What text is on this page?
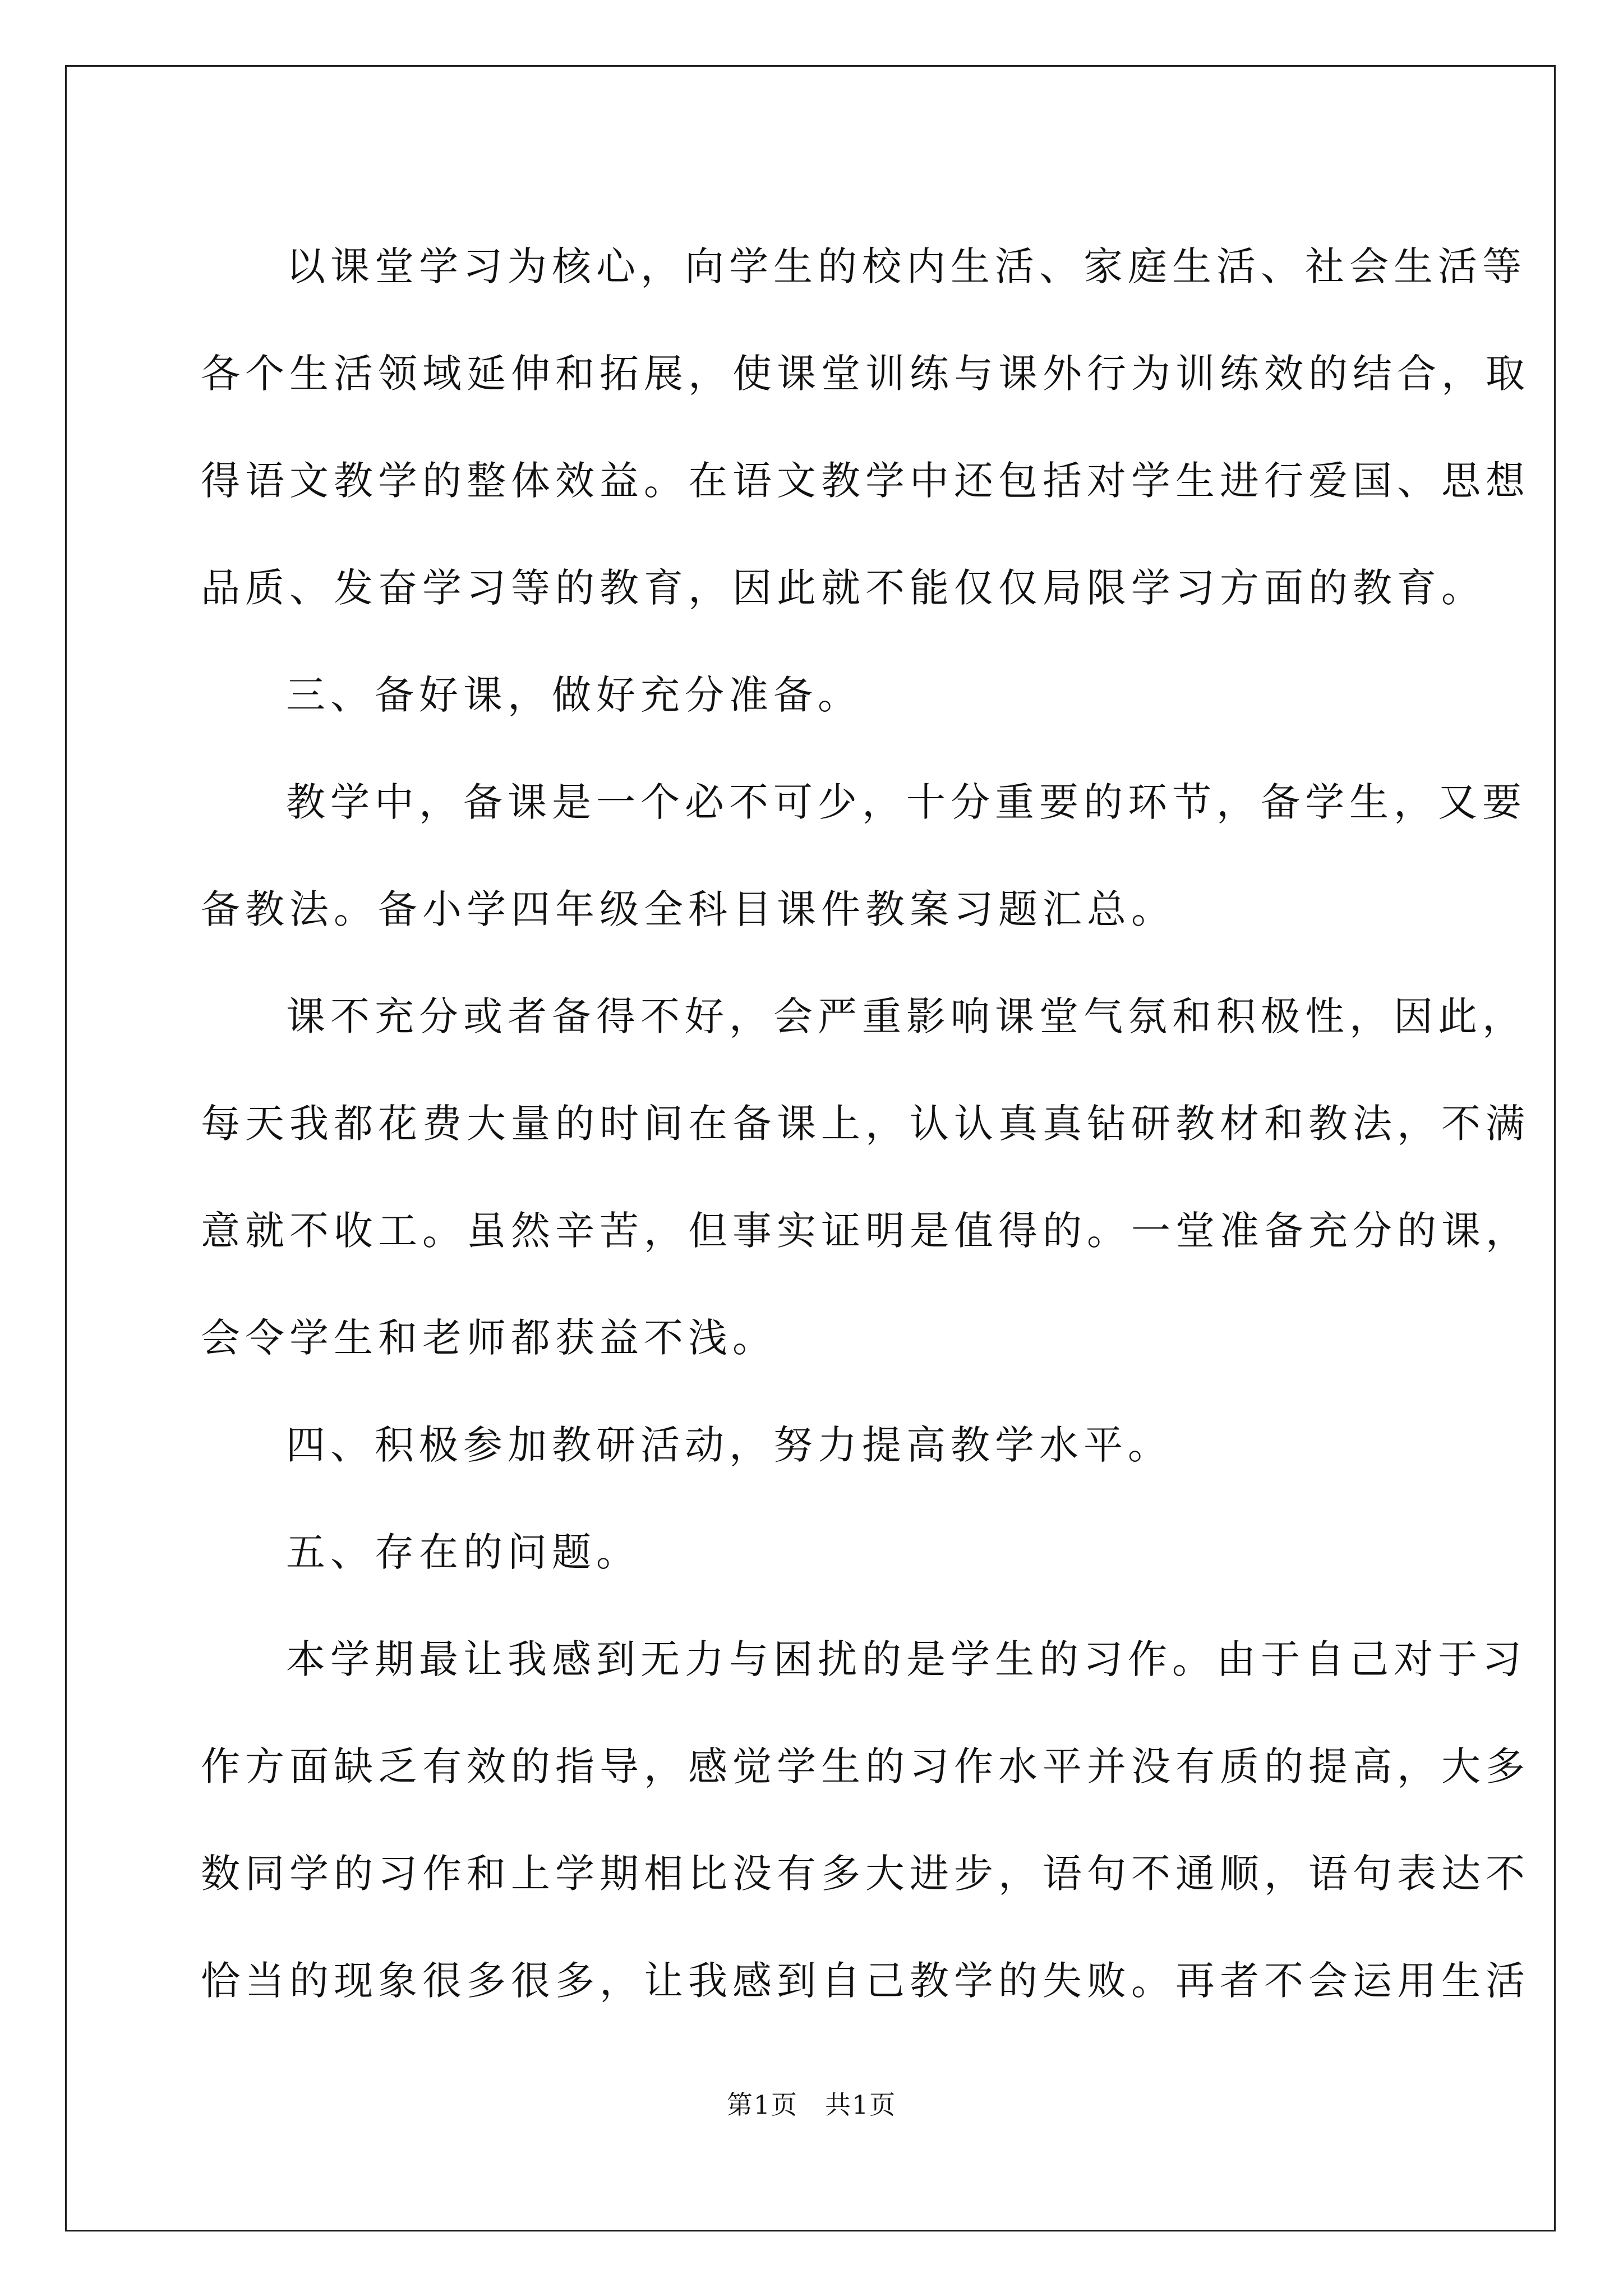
以课堂学习为核心，向学生的校内生活、家庭生活、社会生活等
各个生活领域延伸和拓展，使课堂训练与课外行为训练效的结合，取
得语文教学的整体效益。在语文教学中还包括对学生进行爱国、思想
品质、发奋学习等的教育，因此就不能仅仅局限学习方面的教育。
三、备好课，做好充分准备。
教学中，备课是一个必不可少，十分重要的环节，备学生，又要
备教法。备小学四年级全科目课件教案习题汇总。
课不充分或者备得不好，会严重影响课堂气氛和积极性，因此，
每天我都花费大量的时间在备课上，认认真真钻研教材和教法，不满
意就不收工。虽然辛苦，但事实证明是值得的。一堂准备充分的课，
会令学生和老师都获益不浅。
四、积极参加教研活动，努力提高教学水平。
五、存在的问题。
本学期最让我感到无力与困扰的是学生的习作。由于自己对于习
作方面缺乏有效的指导，感觉学生的习作水平并没有质的提高，大多
数同学的习作和上学期相比没有多大进步，语句不通顺，语句表达不
恰当的现象很多很多，让我感到自己教学的失败。再者不会运用生活
第1页 共1页
